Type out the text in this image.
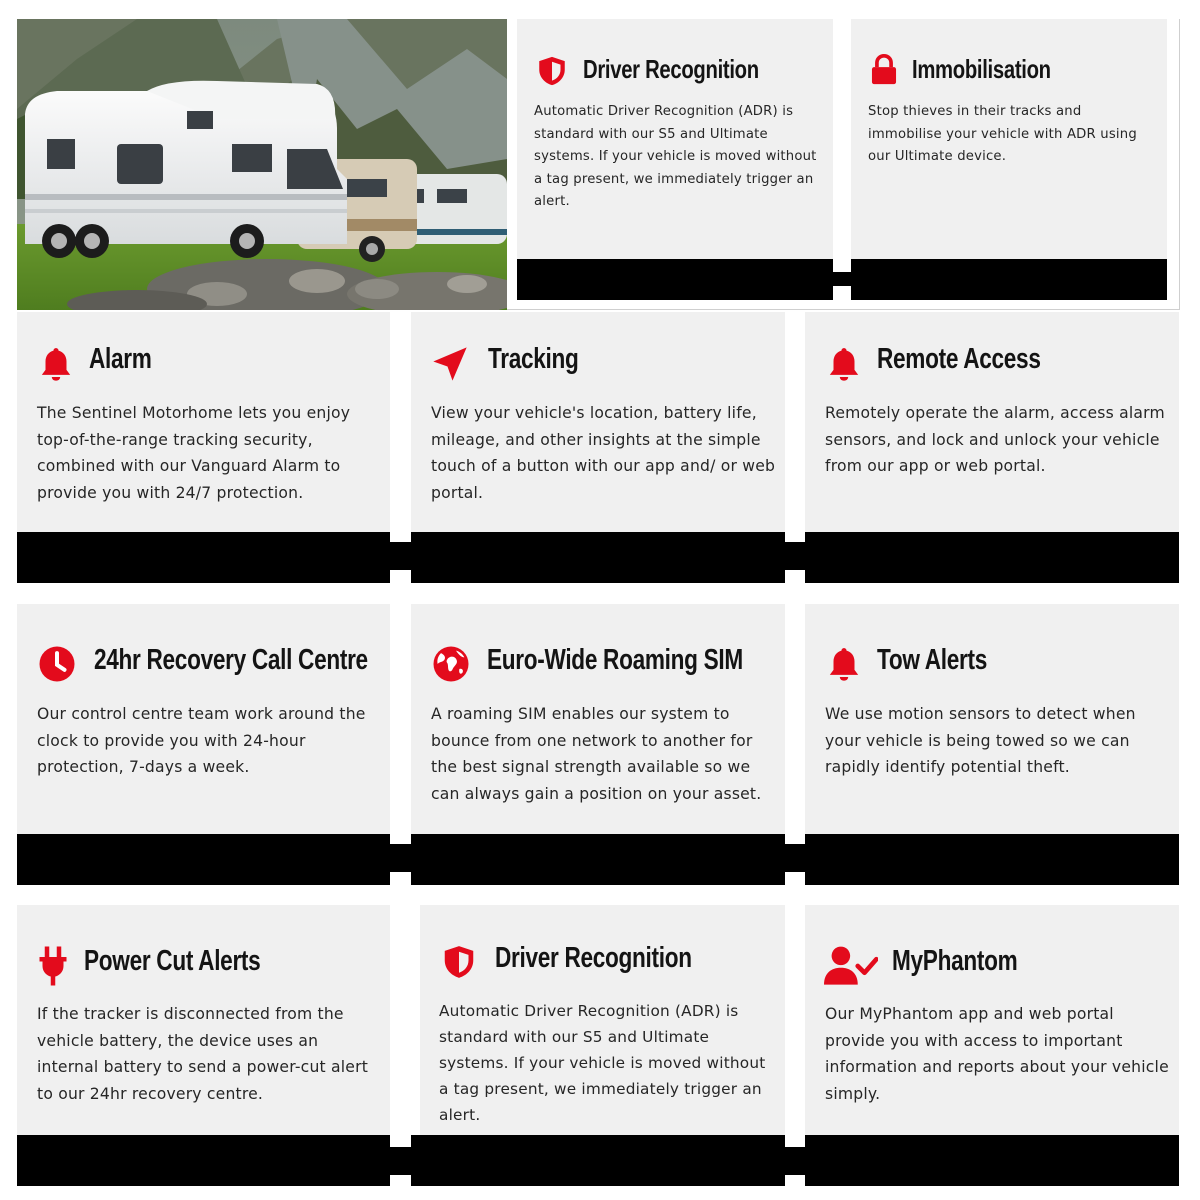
Driver Recognition

Automatic Driver Recognition (ADR) is standard with our S5 and Ultimate systems. If your vehicle is moved without a tag present, we immediately trigger an alert.

Immobilisation

Stop thieves in their tracks and immobilise your vehicle with ADR using our Ultimate device.

Alarm

The Sentinel Motorhome lets you enjoy top-of-the-range tracking security, combined with our Vanguard Alarm to provide you with 24/7 protection.

Tracking

View your vehicle's location, battery life, mileage, and other insights at the simple touch of a button with our app and/ or web portal.

Remote Access

Remotely operate the alarm, access alarm sensors, and lock and unlock your vehicle from our app or web portal.

24hr Recovery Call Centre

Our control centre team work around the clock to provide you with 24-hour protection, 7-days a week.

Euro-Wide Roaming SIM

A roaming SIM enables our system to bounce from one network to another for the best signal strength available so we can always gain a position on your asset.

Tow Alerts

We use motion sensors to detect when your vehicle is being towed so we can rapidly identify potential theft.

Power Cut Alerts

If the tracker is disconnected from the vehicle battery, the device uses an internal battery to send a power-cut alert to our 24hr recovery centre.

Driver Recognition

Automatic Driver Recognition (ADR) is standard with our S5 and Ultimate systems. If your vehicle is moved without a tag present, we immediately trigger an alert.

MyPhantom

Our MyPhantom app and web portal provide you with access to important information and reports about your vehicle simply.
